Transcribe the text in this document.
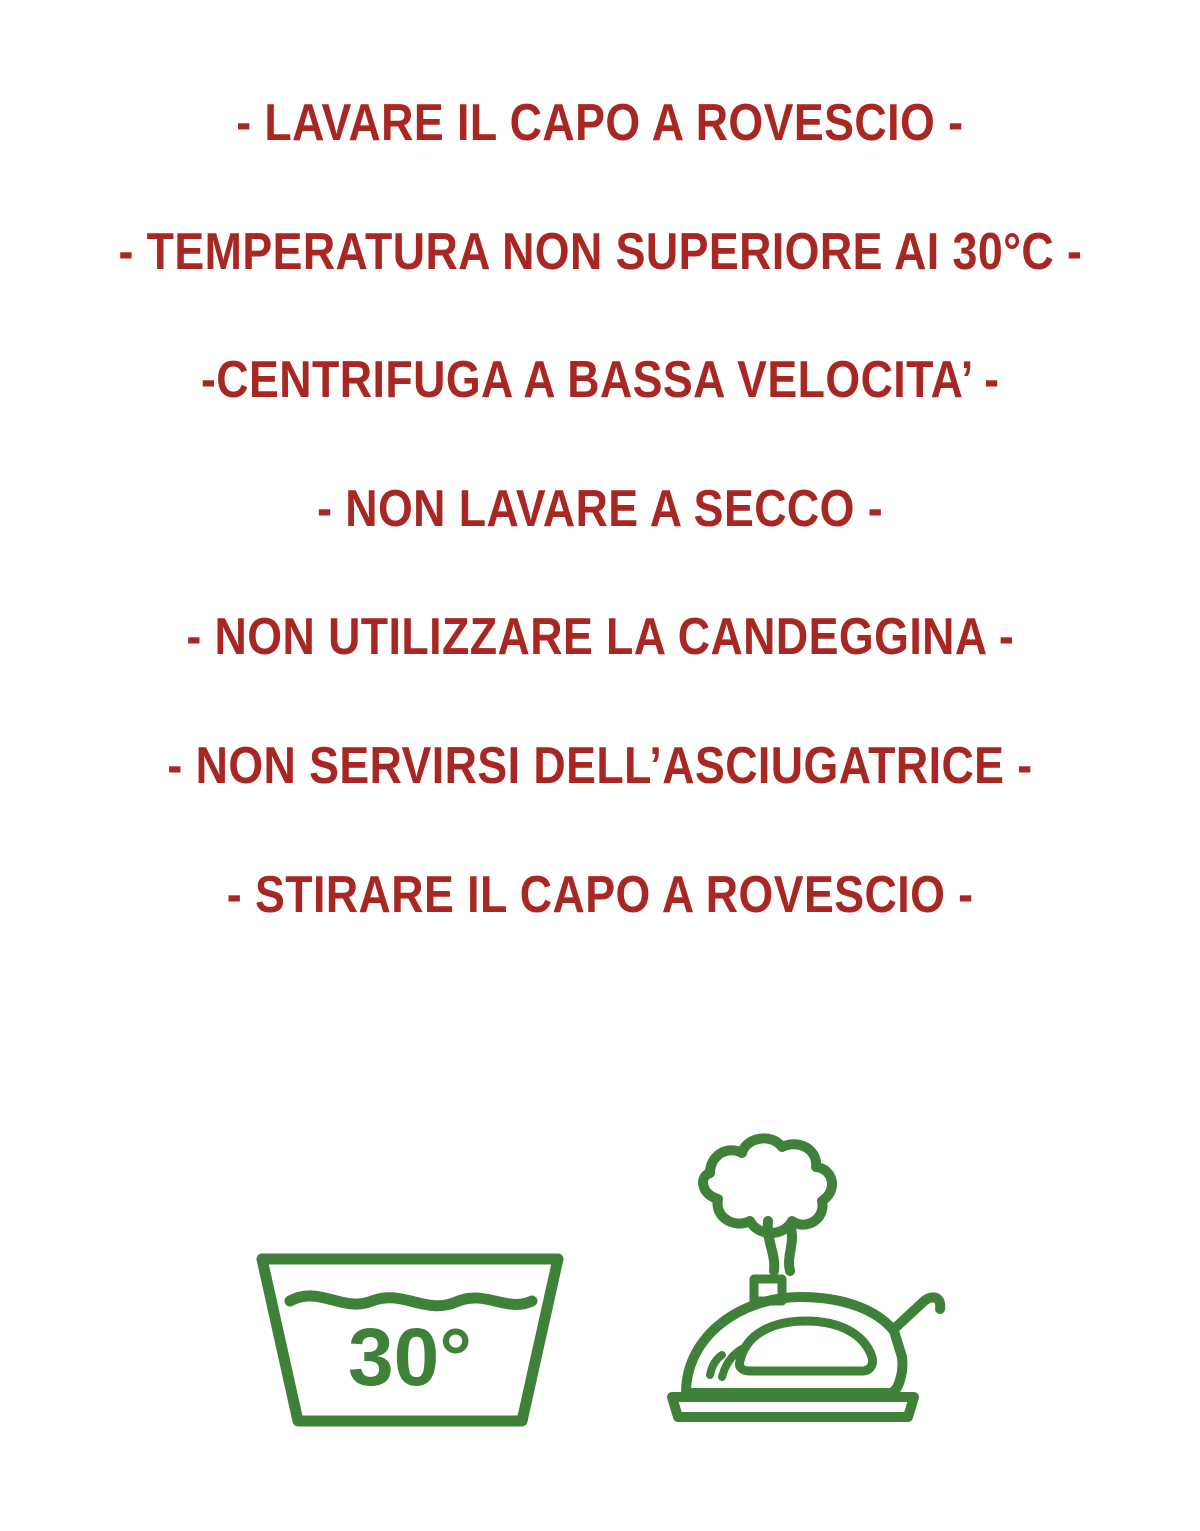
- LAVARE IL CAPO A ROVESCIO -
- TEMPERATURA NON SUPERIORE AI 30°C -
-CENTRIFUGA A BASSA VELOCITA’ -
- NON LAVARE A SECCO -
- NON UTILIZZARE LA CANDEGGINA -
- NON SERVIRSI DELL’ASCIUGATRICE -
- STIRARE IL CAPO A ROVESCIO -
30°
